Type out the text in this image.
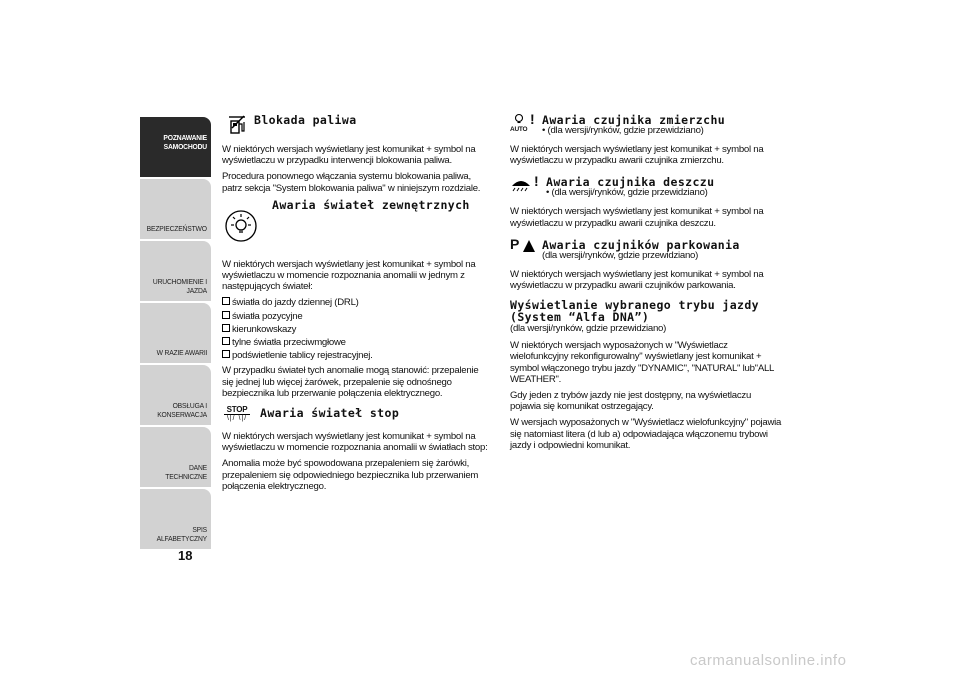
POZNAWANIE SAMOCHODU
BEZPIECZEŃSTWO
URUCHOMIENIE I JAZDA
W RAZIE AWARII
OBSŁUGA I KONSERWACJA
DANE TECHNICZNE
SPIS ALFABETYCZNY
18
Blokada paliwa

W niektórych wersjach wyświetlany jest komunikat + symbol na wyświetlaczu w przypadku interwencji blokowania paliwa.

Procedura ponownego włączania systemu blokowania paliwa, patrz sekcja "System blokowania paliwa" w niniejszym rozdziale.

Awaria świateł zewnętrznych

W niektórych wersjach wyświetlany jest komunikat + symbol na wyświetlaczu w momencie rozpoznania anomalii w jednym z następujących świateł:

światła do jazdy dziennej (DRL)
światła pozycyjne
kierunkowskazy
tylne światła przeciwmgłowe
podświetlenie tablicy rejestracyjnej.

W przypadku świateł tych anomalie mogą stanowić: przepalenie się jednej lub więcej żarówek, przepalenie się odnośnego bezpiecznika lub przerwanie połączenia elektrycznego.

STOP
\|/ \|/ Awaria świateł stop

W niektórych wersjach wyświetlany jest komunikat + symbol na wyświetlaczu w momencie rozpoznania anomalii w światłach stop:

Anomalia może być spowodowana przepaleniem się żarówki, przepaleniem się odpowiedniego bezpiecznika lub przerwaniem połączenia elektrycznego.

AUTO
! Awaria czujnika zmierzchu
• (dla wersji/rynków, gdzie przewidziano)

W niektórych wersjach wyświetlany jest komunikat + symbol na wyświetlaczu w przypadku awarii czujnika zmierzchu.

! Awaria czujnika deszczu
• (dla wersji/rynków, gdzie przewidziano)

W niektórych wersjach wyświetlany jest komunikat + symbol na wyświetlaczu w przypadku awarii czujnika deszczu.

P Awaria czujników parkowania
(dla wersji/rynków, gdzie przewidziano)

W niektórych wersjach wyświetlany jest komunikat + symbol na wyświetlaczu w przypadku awarii czujników parkowania.

Wyświetlanie wybranego trybu jazdy
(System “Alfa DNA”)
(dla wersji/rynków, gdzie przewidziano)

W niektórych wersjach wyposażonych w "Wyświetlacz wielofunkcyjny rekonfigurowalny" wyświetlany jest komunikat + symbol włączonego trybu jazdy "DYNAMIC", "NATURAL" lub"ALL WEATHER".

Gdy jeden z trybów jazdy nie jest dostępny, na wyświetlaczu pojawia się komunikat ostrzegający.

W wersjach wyposażonych w "Wyświetlacz wielofunkcyjny" pojawia się natomiast litera (d lub a) odpowiadająca włączonemu trybowi jazdy i odpowiedni komunikat.

carmanualsonline.info
